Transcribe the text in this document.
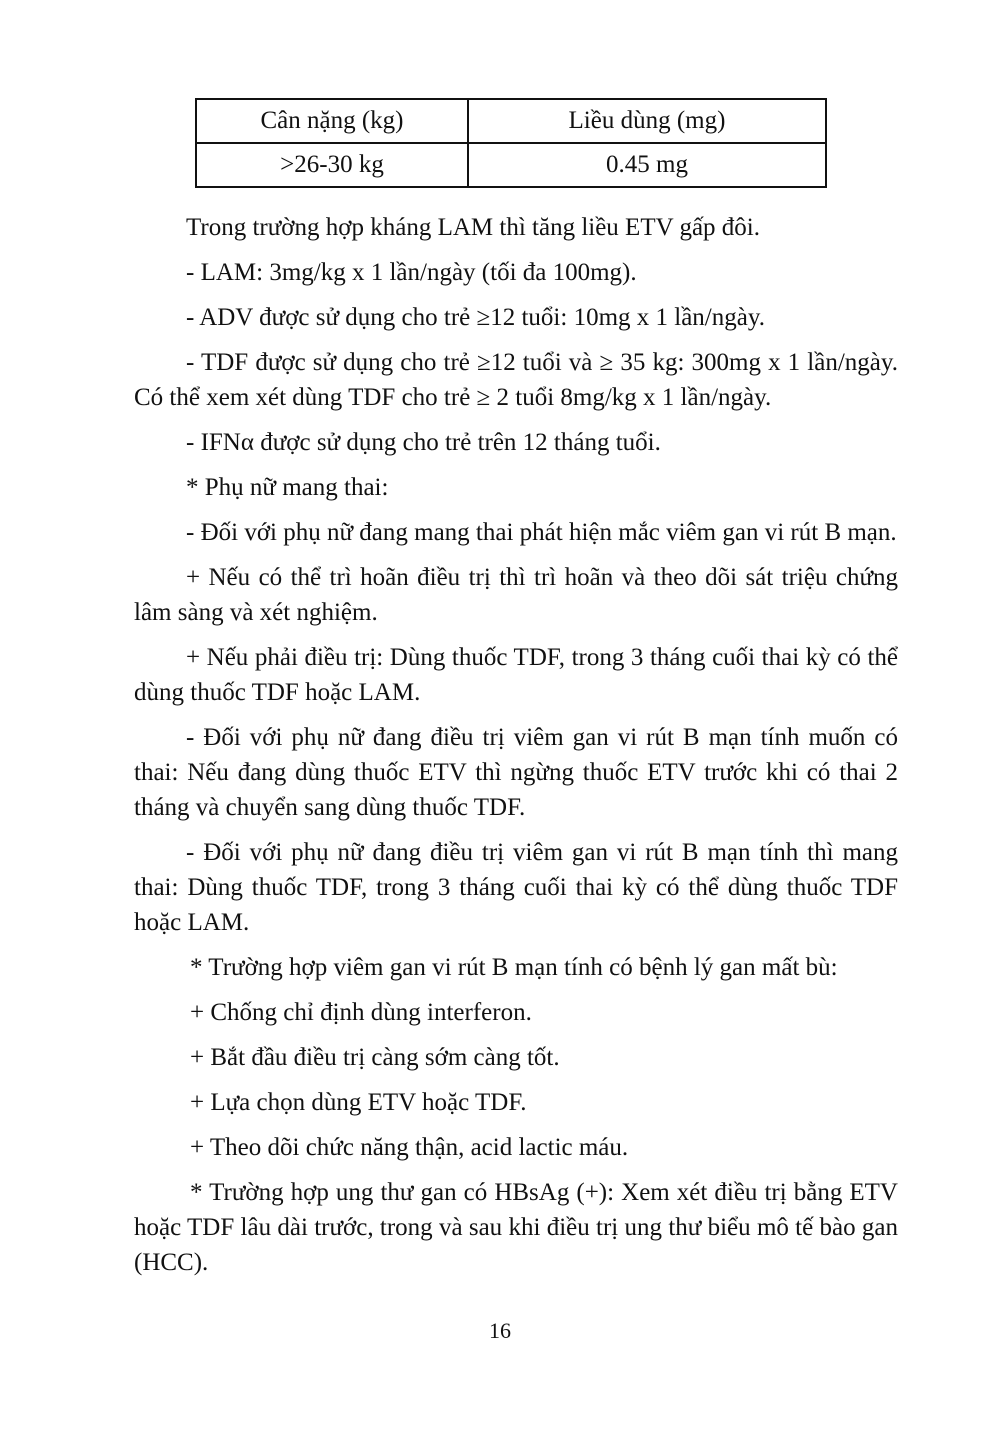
Cân nặng (kg)	Liều dùng (mg)
>26-30 kg	0.45 mg

Trong trường hợp kháng LAM thì tăng liều ETV gấp đôi.

- LAM: 3mg/kg x 1 lần/ngày (tối đa 100mg).

- ADV được sử dụng cho trẻ ≥12 tuổi: 10mg x 1 lần/ngày.

- TDF được sử dụng cho trẻ ≥12 tuổi và ≥ 35 kg: 300mg x 1 lần/ngày. Có thể xem xét dùng TDF cho trẻ ≥ 2 tuổi 8mg/kg x 1 lần/ngày.

- IFNα được sử dụng cho trẻ trên 12 tháng tuổi.

* Phụ nữ mang thai:

- Đối với phụ nữ đang mang thai phát hiện mắc viêm gan vi rút B mạn.

+ Nếu có thể trì hoãn điều trị thì trì hoãn và theo dõi sát triệu chứng lâm sàng và xét nghiệm.

+ Nếu phải điều trị: Dùng thuốc TDF, trong 3 tháng cuối thai kỳ có thể dùng thuốc TDF hoặc LAM.

- Đối với phụ nữ đang điều trị viêm gan vi rút B mạn tính muốn có thai: Nếu đang dùng thuốc ETV thì ngừng thuốc ETV trước khi có thai 2 tháng và chuyển sang dùng thuốc TDF.

- Đối với phụ nữ đang điều trị viêm gan vi rút B mạn tính thì mang thai: Dùng thuốc TDF, trong 3 tháng cuối thai kỳ có thể dùng thuốc TDF hoặc LAM.

* Trường hợp viêm gan vi rút B mạn tính có bệnh lý gan mất bù:

+ Chống chỉ định dùng interferon.

+ Bắt đầu điều trị càng sớm càng tốt.

+ Lựa chọn dùng ETV hoặc TDF.

+ Theo dõi chức năng thận, acid lactic máu.

* Trường hợp ung thư gan có HBsAg (+): Xem xét điều trị bằng ETV hoặc TDF lâu dài trước, trong và sau khi điều trị ung thư biểu mô tế bào gan (HCC).

16
